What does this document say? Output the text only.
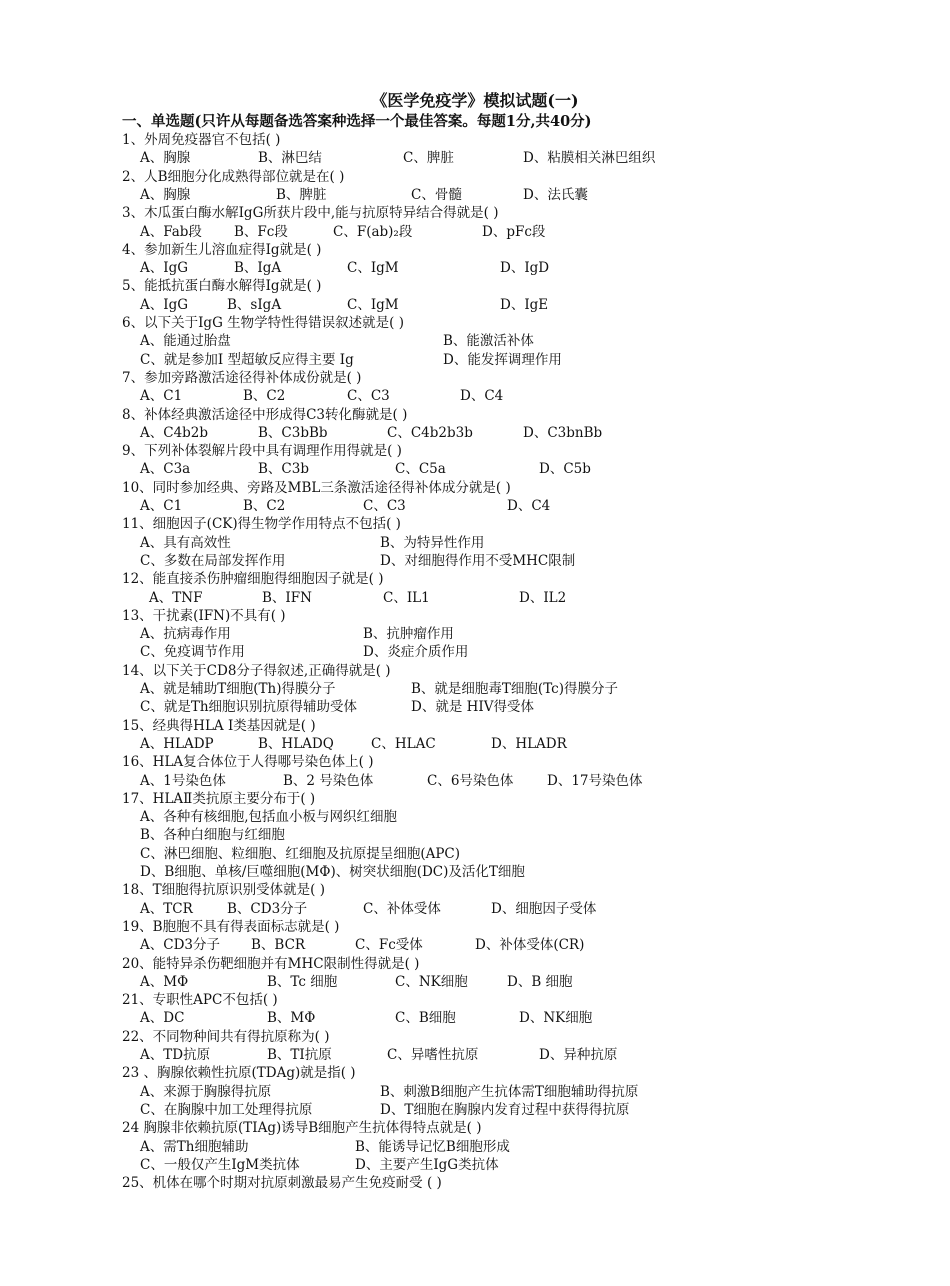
《医学免疫学》模拟试题(一)
一、单选题(只许从每题备选答案种选择一个最佳答案。每题1分,共40分)
1、外周免疫器官不包括( )
A、胸腺	B、淋巴结	C、脾脏	D、粘膜相关淋巴组织
2、人B细胞分化成熟得部位就是在( )
A、胸腺	B、脾脏	C、骨髓	D、法氏囊
3、木瓜蛋白酶水解IgG所获片段中,能与抗原特异结合得就是( )
A、Fab段 B、Fc段	C、F(ab)₂段	D、pFc段
4、参加新生儿溶血症得Ig就是( )
A、IgG	B、IgA	C、IgM	D、IgD
5、能抵抗蛋白酶水解得Ig就是( )
A、IgG	B、sIgA	C、IgM	D、IgE
6、以下关于IgG 生物学特性得错误叙述就是( )
A、能通过胎盘	B、能激活补体
C、就是参加I 型超敏反应得主要 Ig	D、能发挥调理作用
7、参加旁路激活途径得补体成份就是( )
A、C1	B、C2	C、C3	D、C4
8、补体经典激活途径中形成得C3转化酶就是( )
A、C4b2b	B、C3bBb	C、C4b2b3b	D、C3bnBb
9、下列补体裂解片段中具有调理作用得就是( )
A、C3a	B、C3b	C、C5a	D、C5b
10、同时参加经典、旁路及MBL三条激活途径得补体成分就是( )
A、C1	B、C2	C、C3	D、C4
11、细胞因子(CK)得生物学作用特点不包括( )
A、具有高效性	B、为特异性作用
C、多数在局部发挥作用	D、对细胞得作用不受MHC限制
12、能直接杀伤肿瘤细胞得细胞因子就是( )
A、TNF	B、IFN	C、IL1	D、IL2
13、干扰素(IFN)不具有( )
A、抗病毒作用	B、抗肿瘤作用
C、免疫调节作用	D、炎症介质作用
14、以下关于CD8分子得叙述,正确得就是( )
A、就是辅助T细胞(Th)得膜分子	B、就是细胞毒T细胞(Tc)得膜分子
C、就是Th细胞识别抗原得辅助受体	D、就是 HIV得受体
15、经典得HLA I类基因就是( )
A、HLADP	B、HLADQ	C、HLAC	D、HLADR
16、HLA复合体位于人得哪号染色体上( )
A、1号染色体	B、2 号染色体	C、6号染色体 D、17号染色体
17、HLAⅡ类抗原主要分布于( )
A、各种有核细胞,包括血小板与网织红细胞
B、各种白细胞与红细胞
C、淋巴细胞、粒细胞、红细胞及抗原提呈细胞(APC)
D、B细胞、单核/巨噬细胞(MΦ)、树突状细胞(DC)及活化T细胞
18、T细胞得抗原识别受体就是( )
A、TCR	B、CD3分子	C、补体受体	D、细胞因子受体
19、B胞胞不具有得表面标志就是( )
A、CD3分子 B、BCR	C、Fc受体	D、补体受体(CR)
20、能特异杀伤靶细胞并有MHC限制性得就是( )
A、MΦ	B、Tc 细胞	C、NK细胞	D、B 细胞
21、专职性APC不包括( )
A、DC	B、MΦ	C、B细胞	D、NK细胞
22、不同物种间共有得抗原称为( )
A、TD抗原	B、TI抗原	C、异嗜性抗原	D、异种抗原
23 、胸腺依赖性抗原(TDAg)就是指( )
A、来源于胸腺得抗原	B、刺激B细胞产生抗体需T细胞辅助得抗原
C、在胸腺中加工处理得抗原	D、T细胞在胸腺内发育过程中获得得抗原
24 胸腺非依赖抗原(TIAg)诱导B细胞产生抗体得特点就是( )
A、需Th细胞辅助	B、能诱导记忆B细胞形成
C、一般仅产生IgM类抗体	D、主要产生IgG类抗体
25、机体在哪个时期对抗原刺激最易产生免疫耐受 ( )
